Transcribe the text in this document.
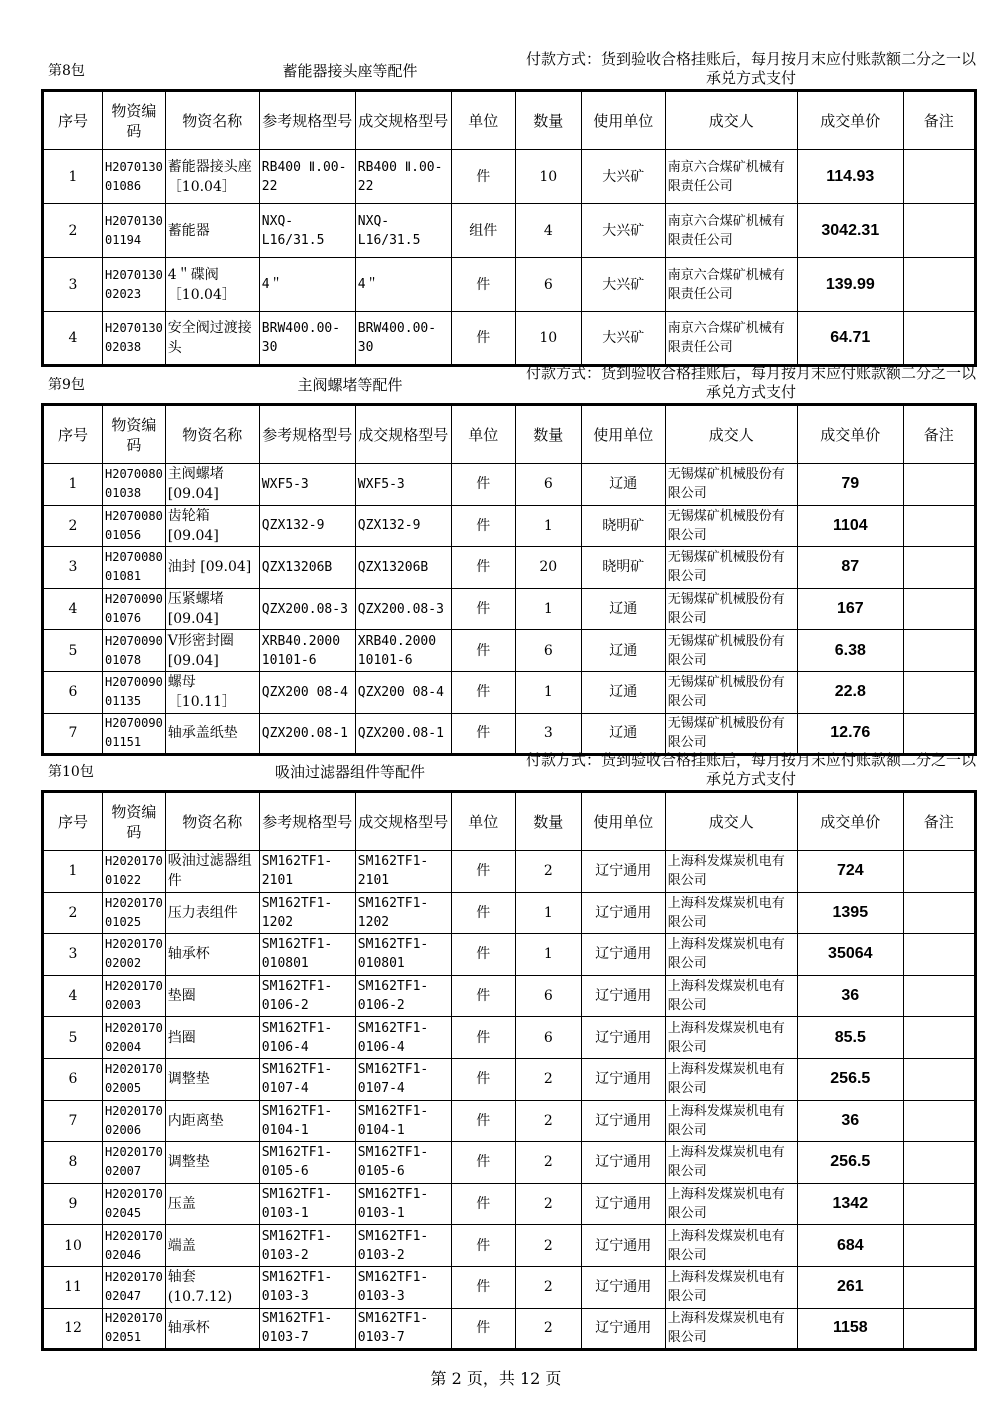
第8包	蓄能器接头座等配件
付款方式：货到验收合格挂账后，每月按月末应付账款额二分之一以承兑方式支付
序号	物资编码	物资名称	参考规格型号	成交规格型号	单位	数量	使用单位	成交人	成交单价	备注
1	H2070130 01086	蓄能器接头座 ［10.04］	RB400 Ⅱ.00-22	RB400 Ⅱ.00-22	件	10	大兴矿	南京六合煤矿机械有限责任公司	114.93	
2	H2070130 01194	蓄能器	NXQ-L16/31.5	NXQ-L16/31.5	组件	4	大兴矿	南京六合煤矿机械有限责任公司	3042.31	
3	H2070130 02023	4＂碟阀 ［10.04］	4＂	4＂	件	6	大兴矿	南京六合煤矿机械有限责任公司	139.99	
4	H2070130 02038	安全阀过渡接头	BRW400.00-30	BRW400.00-30	件	10	大兴矿	南京六合煤矿机械有限责任公司	64.71	
第9包	主阀螺堵等配件
付款方式：货到验收合格挂账后，每月按月末应付账款额二分之一以承兑方式支付
序号	物资编码	物资名称	参考规格型号	成交规格型号	单位	数量	使用单位	成交人	成交单价	备注
1	H2070080 01038	主阀螺堵 [09.04]	WXF5-3	WXF5-3	件	6	辽通	无锡煤矿机械股份有限公司	79	
2	H2070080 01056	齿轮箱 [09.04]	QZX132-9	QZX132-9	件	1	晓明矿	无锡煤矿机械股份有限公司	1104	
3	H2070080 01081	油封 [09.04]	QZX13206B	QZX13206B	件	20	晓明矿	无锡煤矿机械股份有限公司	87	
4	H2070090 01076	压紧螺堵 [09.04]	QZX200.08-3	QZX200.08-3	件	1	辽通	无锡煤矿机械股份有限公司	167	
5	H2070090 01078	V形密封圈 [09.04]	XRB40.2000 10101-6	XRB40.2000 10101-6	件	6	辽通	无锡煤矿机械股份有限公司	6.38	
6	H2070090 01135	螺母 ［10.11］	QZX200 08-4	QZX200 08-4	件	1	辽通	无锡煤矿机械股份有限公司	22.8	
7	H2070090 01151	轴承盖纸垫	QZX200.08-1	QZX200.08-1	件	3	辽通	无锡煤矿机械股份有限公司	12.76	
第10包	吸油过滤器组件等配件
付款方式：货到验收合格挂账后，每月按月末应付账款额二分之一以承兑方式支付
序号	物资编码	物资名称	参考规格型号	成交规格型号	单位	数量	使用单位	成交人	成交单价	备注
1	H2020170 01022	吸油过滤器组件	SM162TF1-2101	SM162TF1-2101	件	2	辽宁通用	上海科发煤炭机电有限公司	724	
2	H2020170 01025	压力表组件	SM162TF1-1202	SM162TF1-1202	件	1	辽宁通用	上海科发煤炭机电有限公司	1395	
3	H2020170 02002	轴承杯	SM162TF1-010801	SM162TF1-010801	件	1	辽宁通用	上海科发煤炭机电有限公司	35064	
4	H2020170 02003	垫圈	SM162TF1-0106-2	SM162TF1-0106-2	件	6	辽宁通用	上海科发煤炭机电有限公司	36	
5	H2020170 02004	挡圈	SM162TF1-0106-4	SM162TF1-0106-4	件	6	辽宁通用	上海科发煤炭机电有限公司	85.5	
6	H2020170 02005	调整垫	SM162TF1-0107-4	SM162TF1-0107-4	件	2	辽宁通用	上海科发煤炭机电有限公司	256.5	
7	H2020170 02006	内距离垫	SM162TF1-0104-1	SM162TF1-0104-1	件	2	辽宁通用	上海科发煤炭机电有限公司	36	
8	H2020170 02007	调整垫	SM162TF1-0105-6	SM162TF1-0105-6	件	2	辽宁通用	上海科发煤炭机电有限公司	256.5	
9	H2020170 02045	压盖	SM162TF1-0103-1	SM162TF1-0103-1	件	2	辽宁通用	上海科发煤炭机电有限公司	1342	
10	H2020170 02046	端盖	SM162TF1-0103-2	SM162TF1-0103-2	件	2	辽宁通用	上海科发煤炭机电有限公司	684	
11	H2020170 02047	轴套 (10.7.12)	SM162TF1-0103-3	SM162TF1-0103-3	件	2	辽宁通用	上海科发煤炭机电有限公司	261	
12	H2020170 02051	轴承杯	SM162TF1-0103-7	SM162TF1-0103-7	件	2	辽宁通用	上海科发煤炭机电有限公司	1158	
第 2 页，共 12 页
